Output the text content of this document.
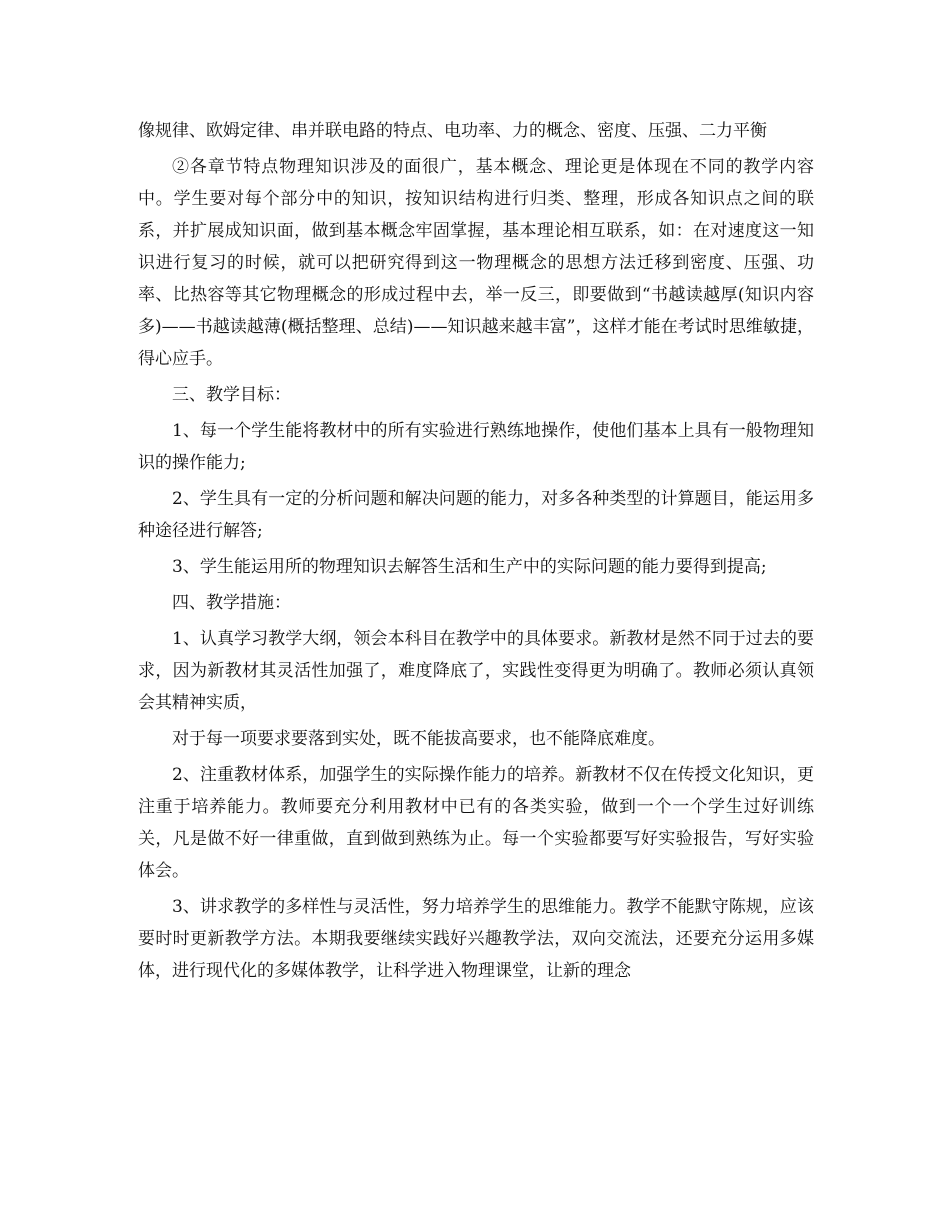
像规律、欧姆定律、串并联电路的特点、电功率、力的概念、密度、压强、二力平衡

②各章节特点物理知识涉及的面很广，基本概念、理论更是体现在不同的教学内容中。学生要对每个部分中的知识，按知识结构进行归类、整理，形成各知识点之间的联系，并扩展成知识面，做到基本概念牢固掌握，基本理论相互联系，如：在对速度这一知识进行复习的时候，就可以把研究得到这一物理概念的思想方法迁移到密度、压强、功率、比热容等其它物理概念的形成过程中去，举一反三，即要做到“书越读越厚(知识内容多)——书越读越薄(概括整理、总结)——知识越来越丰富”，这样才能在考试时思维敏捷，得心应手。

三、教学目标：

1、每一个学生能将教材中的所有实验进行熟练地操作，使他们基本上具有一般物理知识的操作能力;

2、学生具有一定的分析问题和解决问题的能力，对多各种类型的计算题目，能运用多种途径进行解答;

3、学生能运用所的物理知识去解答生活和生产中的实际问题的能力要得到提高;

四、教学措施：

1、认真学习教学大纲，领会本科目在教学中的具体要求。新教材是然不同于过去的要求，因为新教材其灵活性加强了，难度降底了，实践性变得更为明确了。教师必须认真领会其精神实质，

对于每一项要求要落到实处，既不能拔高要求，也不能降底难度。

2、注重教材体系，加强学生的实际操作能力的培养。新教材不仅在传授文化知识，更注重于培养能力。教师要充分利用教材中已有的各类实验，做到一个一个学生过好训练关，凡是做不好一律重做，直到做到熟练为止。每一个实验都要写好实验报告，写好实验体会。

3、讲求教学的多样性与灵活性，努力培养学生的思维能力。教学不能默守陈规，应该要时时更新教学方法。本期我要继续实践好兴趣教学法，双向交流法，还要充分运用多媒体，进行现代化的多媒体教学，让科学进入物理课堂，让新的理念
